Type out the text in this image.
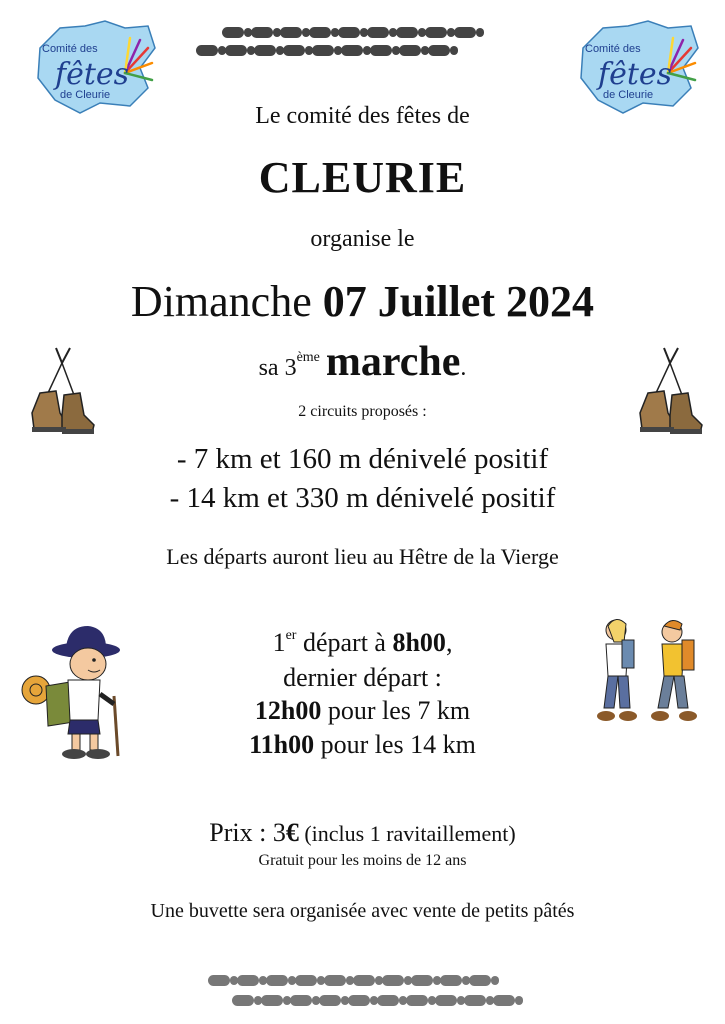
Comité des
fêtes
de Cleurie
Comité des
fêtes
de Cleurie
Le comité des fêtes de
CLEURIE
organise le
Dimanche 07 Juillet 2024
sa 3ème marche.
2 circuits proposés :
- 7 km et 160 m dénivelé positif
- 14 km et 330 m dénivelé positif
Les départs auront lieu au Hêtre de la Vierge
1er départ à 8h00,
dernier départ :
12h00 pour les 7 km
11h00 pour les 14 km
Prix : 3€ (inclus 1 ravitaillement)
Gratuit pour les moins de 12 ans
Une buvette sera organisée avec vente de petits pâtés
